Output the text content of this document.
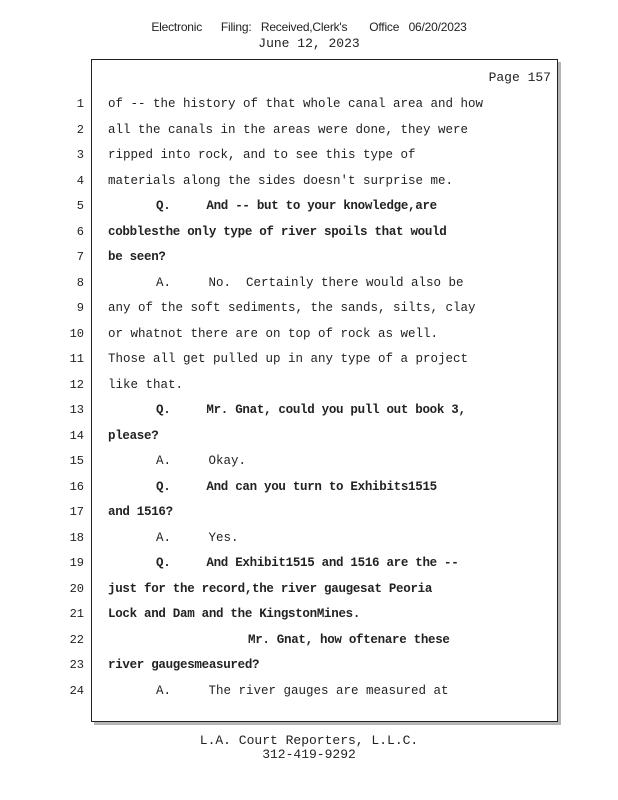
Electronic      Filing:   Received,Clerk's       Office   06/20/2023
June 12, 2023
Page 157
1 of -- the history of that whole canal area and how
2 all the canals in the areas were done, they were
3 ripped into rock, and to see this type of
4 materials along the sides doesn't surprise me.
5	Q.     And -- but to your knowledge,are
6 cobblesthe only type of river spoils that would
7 be seen?
8	A.     No.  Certainly there would also be
9 any of the soft sediments, the sands, silts, clay
10 or whatnot there are on top of rock as well.
11 Those all get pulled up in any type of a project
12 like that.
13	Q.     Mr. Gnat, could you pull out book 3,
14 please?
15	A.     Okay.
16	Q.     And can you turn to Exhibits1515
17 and 1516?
18	A.     Yes.
19	Q.     And Exhibit1515 and 1516 are the --
20 just for the record,the river gaugesat Peoria
21 Lock and Dam and the KingstonMines.
22	Mr. Gnat, how oftenare these
23 river gaugesmeasured?
24	A.     The river gauges are measured at
L.A. Court Reporters, L.L.C.
312-419-9292
